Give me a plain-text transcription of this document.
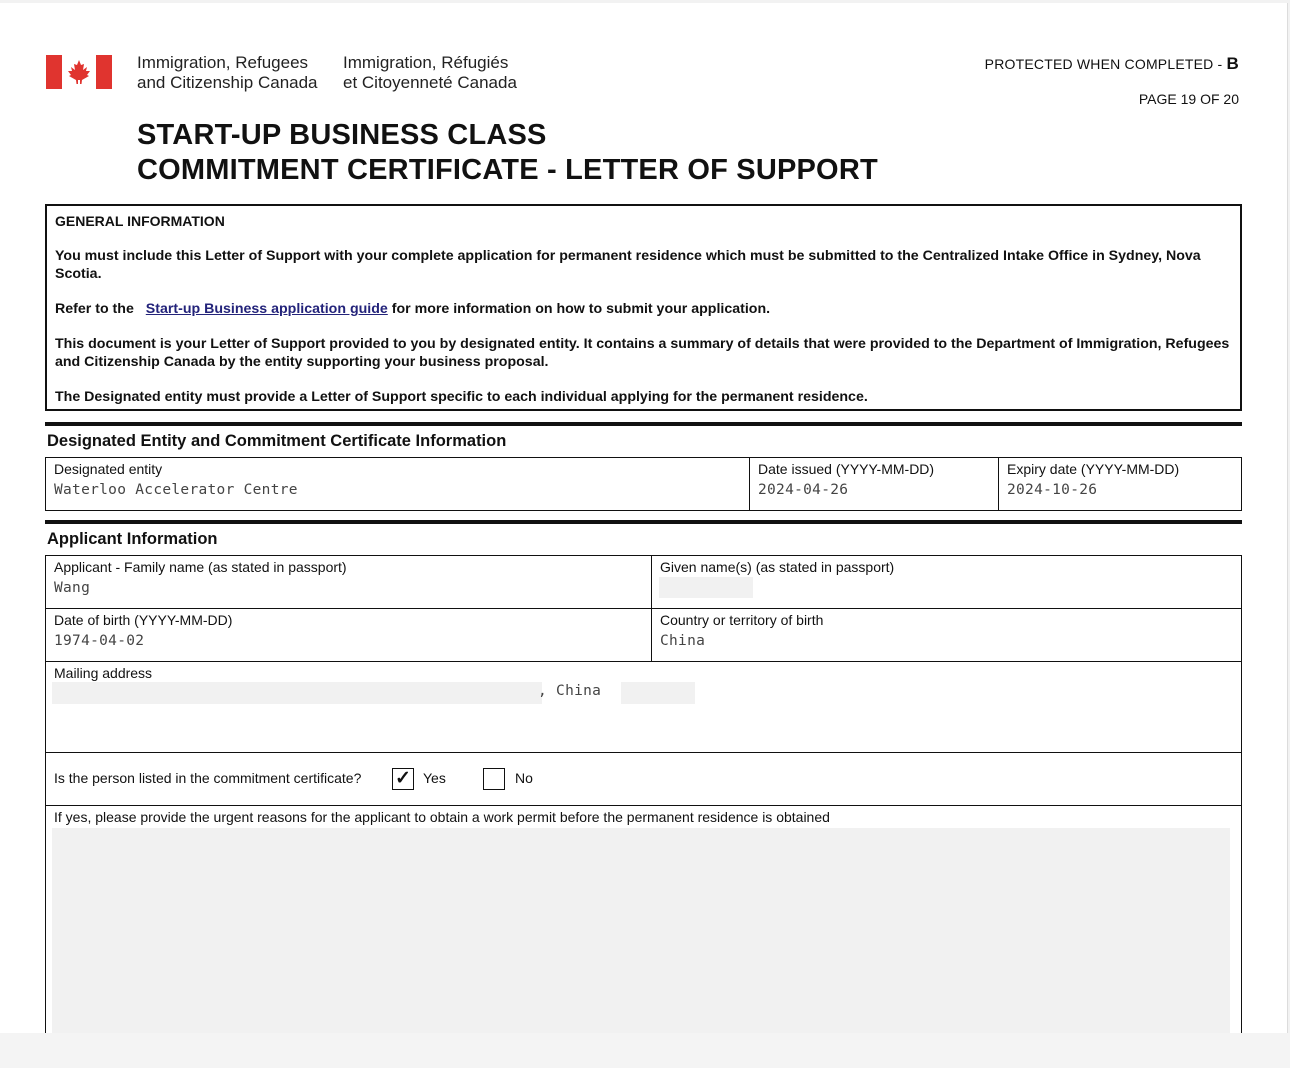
Immigration, Refugees
and Citizenship Canada
Immigration, Réfugiés
et Citoyenneté Canada
PROTECTED WHEN COMPLETED - B
PAGE 19 OF 20
START-UP BUSINESS CLASS
COMMITMENT CERTIFICATE - LETTER OF SUPPORT
GENERAL INFORMATION

You must include this Letter of Support with your complete application for permanent residence which must be submitted to the Centralized Intake Office in Sydney, Nova Scotia.

Refer to the Start-up Business application guide for more information on how to submit your application.

This document is your Letter of Support provided to you by designated entity. It contains a summary of details that were provided to the Department of Immigration, Refugees and Citizenship Canada by the entity supporting your business proposal.

The Designated entity must provide a Letter of Support specific to each individual applying for the permanent residence.

Designated Entity and Commitment Certificate Information
Designated entity
Waterloo Accelerator Centre
Date issued (YYYY-MM-DD)
2024-04-26
Expiry date (YYYY-MM-DD)
2024-10-26
Applicant Information
Applicant - Family name (as stated in passport)
Wang
Given name(s) (as stated in passport)
Date of birth (YYYY-MM-DD)
1974-04-02
Country or territory of birth
China
Mailing address
, China
Is the person listed in the commitment certificate? ✓ Yes	No
If yes, please provide the urgent reasons for the applicant to obtain a work permit before the permanent residence is obtained
